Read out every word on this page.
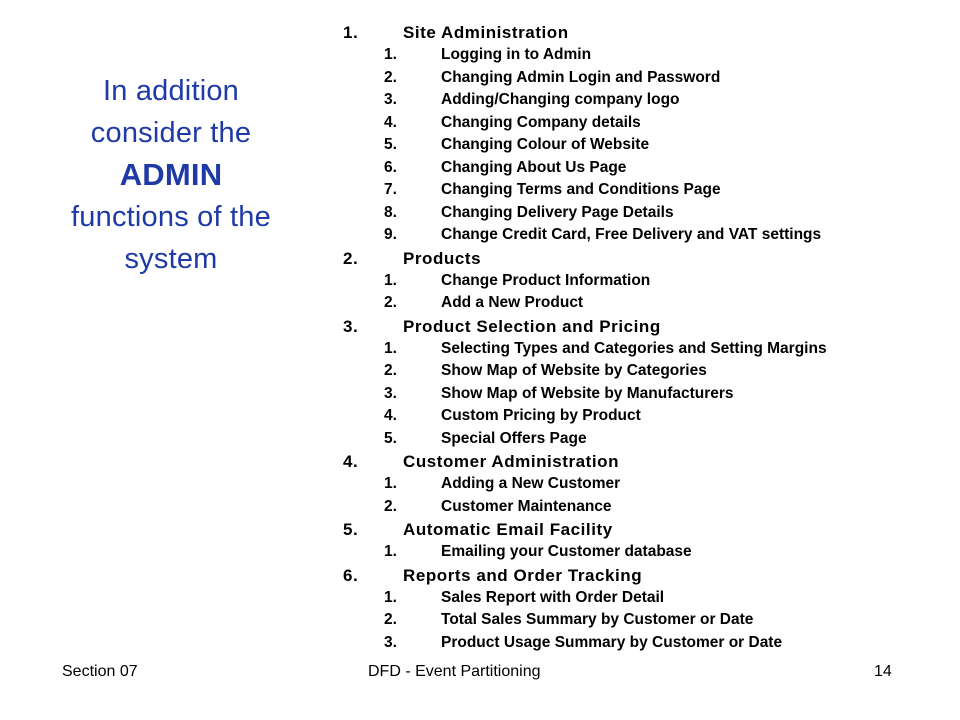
In addition
consider the
ADMIN
functions of the
system
1.	Site Administration
1.	Logging in to Admin
2.	Changing Admin Login and Password
3.	Adding/Changing company logo
4.	Changing Company details
5.	Changing Colour of Website
6.	Changing About Us Page
7.	Changing Terms and Conditions Page
8.	Changing Delivery Page Details
9.	Change Credit Card, Free Delivery and VAT settings
2.	Products
1.	Change Product Information
2.	Add a New Product
3.	Product Selection and Pricing
1.	Selecting Types and Categories and Setting Margins
2.	Show Map of Website by Categories
3.	Show Map of Website by Manufacturers
4.	Custom Pricing by Product
5.	Special Offers Page
4.	Customer Administration
1.	Adding a New Customer
2.	Customer Maintenance
5.	Automatic Email Facility
1.	Emailing your Customer database
6.	Reports and Order Tracking
1.	Sales Report with Order Detail
2.	Total Sales Summary by Customer or Date
3.	Product Usage Summary by Customer or Date
Section 07	DFD - Event Partitioning	14
